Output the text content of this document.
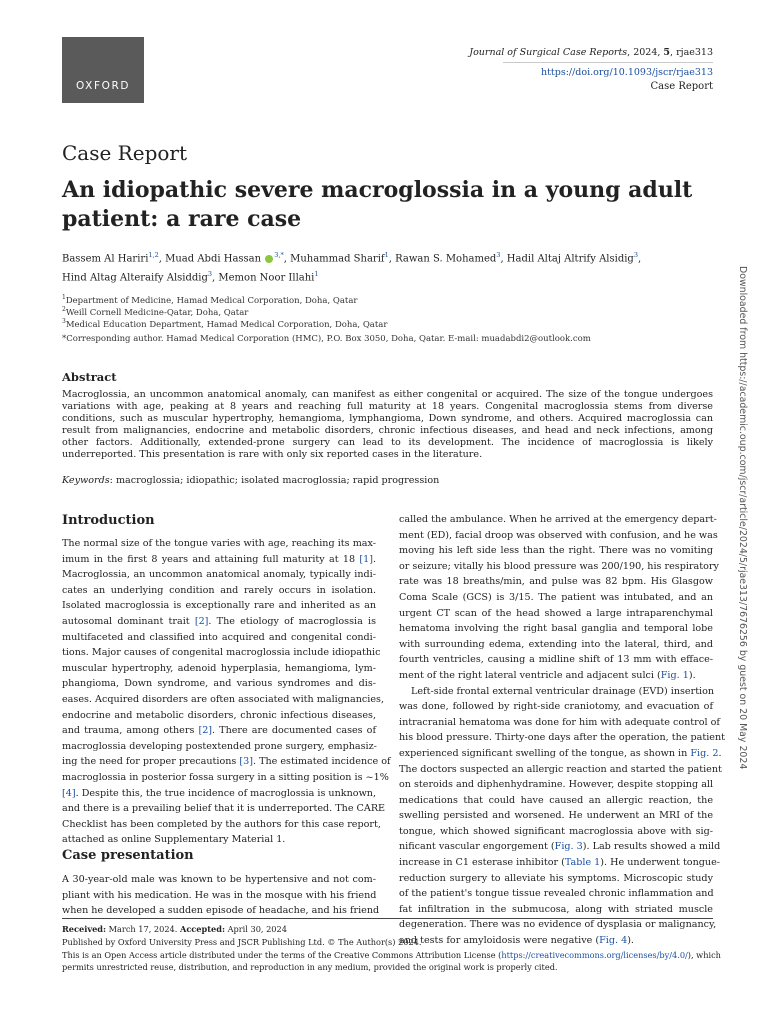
OXFORD
Journal of Surgical Case Reports, 2024, 5, rjae313
https://doi.org/10.1093/jscr/rjae313
Case Report
Case Report
An idiopathic severe macroglossia in a young adult
patient: a rare case
Bassem Al Hariri$^{1,2}$, Muad Abdi Hassan $^{3,*}$, Muhammad Sharif$^1$, Rawan S. Mohamed$^3$, Hadil Altaj Altrify Alsidig$^3$,
Hind Altag Alteraify Alsiddig$^3$, Memon Noor Illahi$^1$
$^1$Department of Medicine, Hamad Medical Corporation, Doha, Qatar
$^2$Weill Cornell Medicine-Qatar, Doha, Qatar
$^3$Medical Education Department, Hamad Medical Corporation, Doha, Qatar
*Corresponding author. Hamad Medical Corporation (HMC), P.O. Box 3050, Doha, Qatar. E-mail: muadabdi2@outlook.com
Abstract
Macroglossia, an uncommon anatomical anomaly, can manifest as either congenital or acquired. The size of the tongue undergoes variations with age, peaking at 8 years and reaching full maturity at 18 years. Congenital macroglossia stems from diverse conditions, such as muscular hypertrophy, hemangioma, lymphangioma, Down syndrome, and others. Acquired macroglossia can result from malignancies, endocrine and metabolic disorders, chronic infectious diseases, and head and neck infections, among other factors. Additionally, extended-prone surgery can lead to its development. The incidence of macroglossia is likely underreported. This presentation is rare with only six reported cases in the literature.
Keywords: macroglossia; idiopathic; isolated macroglossia; rapid progression
Introduction
The normal size of the tongue varies with age, reaching its max-
imum in the first 8 years and attaining full maturity at 18 [1].
Macroglossia, an uncommon anatomical anomaly, typically indi-
cates an underlying condition and rarely occurs in isolation.
Isolated macroglossia is exceptionally rare and inherited as an
autosomal dominant trait [2]. The etiology of macroglossia is
multifaceted and classified into acquired and congenital condi-
tions. Major causes of congenital macroglossia include idiopathic
muscular hypertrophy, adenoid hyperplasia, hemangioma, lym-
phangioma, Down syndrome, and various syndromes and dis-
eases. Acquired disorders are often associated with malignancies,
endocrine and metabolic disorders, chronic infectious diseases,
and trauma, among others [2]. There are documented cases of
macroglossia developing postextended prone surgery, emphasiz-
ing the need for proper precautions [3]. The estimated incidence of
macroglossia in posterior fossa surgery in a sitting position is ~1%
[4]. Despite this, the true incidence of macroglossia is unknown,
and there is a prevailing belief that it is underreported. The CARE
Checklist has been completed by the authors for this case report,
attached as online Supplementary Material 1.
Case presentation
A 30-year-old male was known to be hypertensive and not com-
pliant with his medication. He was in the mosque with his friend
when he developed a sudden episode of headache, and his friend
called the ambulance. When he arrived at the emergency depart-
ment (ED), facial droop was observed with confusion, and he was
moving his left side less than the right. There was no vomiting
or seizure; vitally his blood pressure was 200/190, his respiratory
rate was 18 breaths/min, and pulse was 82 bpm. His Glasgow
Coma Scale (GCS) is 3/15. The patient was intubated, and an
urgent CT scan of the head showed a large intraparenchymal
hematoma involving the right basal ganglia and temporal lobe
with surrounding edema, extending into the lateral, third, and
fourth ventricles, causing a midline shift of 13 mm with efface-
ment of the right lateral ventricle and adjacent sulci (Fig. 1).
Left-side frontal external ventricular drainage (EVD) insertion
was done, followed by right-side craniotomy, and evacuation of
intracranial hematoma was done for him with adequate control of
his blood pressure. Thirty-one days after the operation, the patient
experienced significant swelling of the tongue, as shown in Fig. 2.
The doctors suspected an allergic reaction and started the patient
on steroids and diphenhydramine. However, despite stopping all
medications that could have caused an allergic reaction, the
swelling persisted and worsened. He underwent an MRI of the
tongue, which showed significant macroglossia above with sig-
nificant vascular engorgement (Fig. 3). Lab results showed a mild
increase in C1 esterase inhibitor (Table 1). He underwent tongue-
reduction surgery to alleviate his symptoms. Microscopic study
of the patient's tongue tissue revealed chronic inflammation and
fat infiltration in the submucosa, along with striated muscle
degeneration. There was no evidence of dysplasia or malignancy,
and tests for amyloidosis were negative (Fig. 4).
Received: March 17, 2024. Accepted: April 30, 2024
Published by Oxford University Press and JSCR Publishing Ltd. © The Author(s) 2024.
This is an Open Access article distributed under the terms of the Creative Commons Attribution License (https://creativecommons.org/licenses/by/4.0/), which
permits unrestricted reuse, distribution, and reproduction in any medium, provided the original work is properly cited.
Downloaded from https://academic.oup.com/jscr/article/2024/5/rjae313/7676256 by guest on 20 May 2024
